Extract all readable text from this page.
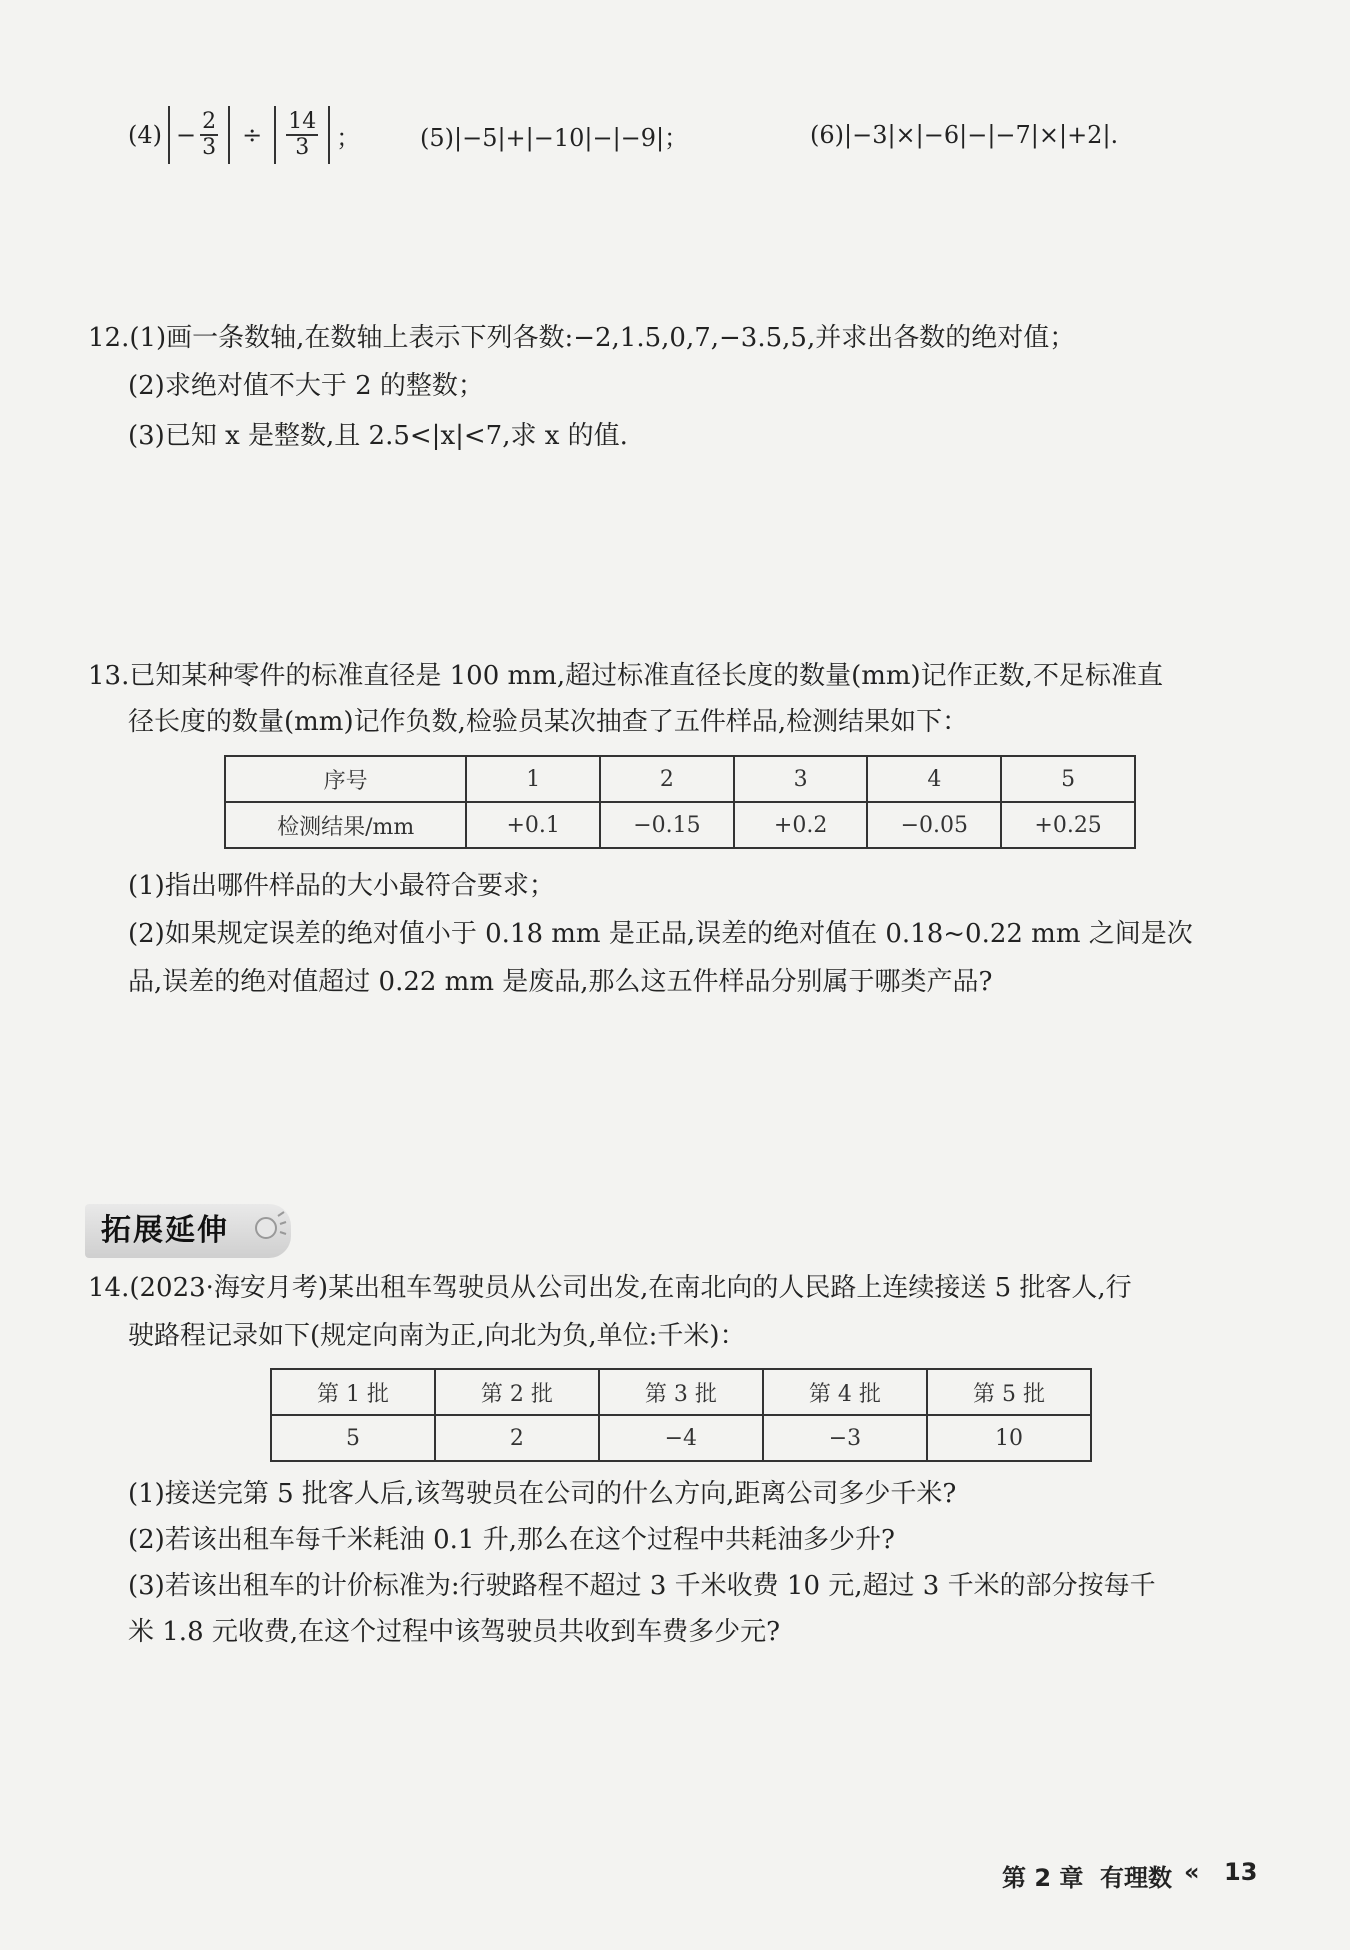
$(4) - \frac{2}{3} \div \frac{14}{3}$ ； (5)|−5|+|−10|−|−9|；	(6)|−3|×|−6|−|−7|×|+2|.
12.(1)画一条数轴,在数轴上表示下列各数:−2,1.5,0,7,−3.5,5,并求出各数的绝对值；
(2)求绝对值不大于 2 的整数；
(3)已知 x 是整数,且 2.5<|x|<7,求 x 的值.
13.已知某种零件的标准直径是 100 mm,超过标准直径长度的数量(mm)记作正数,不足标准直
径长度的数量(mm)记作负数,检验员某次抽查了五件样品,检测结果如下：
序号	1	2	3	4	5
检测结果/mm	+0.1	−0.15	+0.2	−0.05	+0.25
(1)指出哪件样品的大小最符合要求；
(2)如果规定误差的绝对值小于 0.18 mm 是正品,误差的绝对值在 0.18~0.22 mm 之间是次
品,误差的绝对值超过 0.22 mm 是废品,那么这五件样品分别属于哪类产品?
拓展延伸
14.(2023·海安月考)某出租车驾驶员从公司出发,在南北向的人民路上连续接送 5 批客人,行
驶路程记录如下(规定向南为正,向北为负,单位:千米)：
第 1 批	第 2 批	第 3 批	第 4 批	第 5 批
5	2	−4	−3	10
(1)接送完第 5 批客人后,该驾驶员在公司的什么方向,距离公司多少千米?
(2)若该出租车每千米耗油 0.1 升,那么在这个过程中共耗油多少升?
(3)若该出租车的计价标准为:行驶路程不超过 3 千米收费 10 元,超过 3 千米的部分按每千
米 1.8 元收费,在这个过程中该驾驶员共收到车费多少元?
第 2 章 有理数 « 13
